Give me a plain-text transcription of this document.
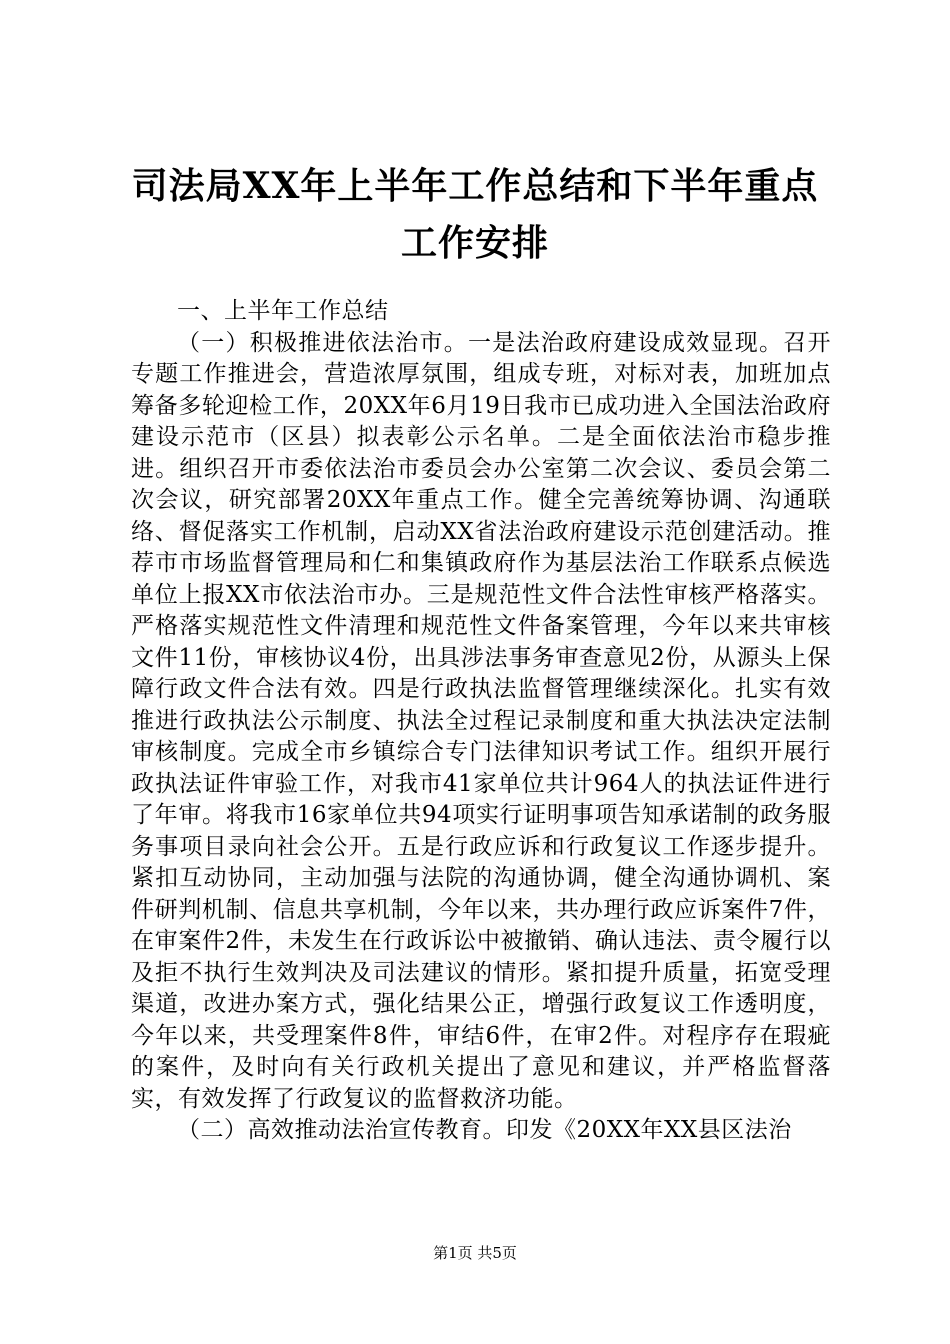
司法局XX年上半年工作总结和下半年重点工作安排

一、上半年工作总结

（一）积极推进依法治市。一是法治政府建设成效显现。召开专题工作推进会，营造浓厚氛围，组成专班，对标对表，加班加点筹备多轮迎检工作，20XX年6月19日我市已成功进入全国法治政府建设示范市（区县）拟表彰公示名单。二是全面依法治市稳步推进。组织召开市委依法治市委员会办公室第二次会议、委员会第二次会议，研究部署20XX年重点工作。健全完善统筹协调、沟通联络、督促落实工作机制，启动XX省法治政府建设示范创建活动。推荐市市场监督管理局和仁和集镇政府作为基层法治工作联系点候选单位上报XX市依法治市办。三是规范性文件合法性审核严格落实。严格落实规范性文件清理和规范性文件备案管理，今年以来共审核文件11份，审核协议4份，出具涉法事务审查意见2份，从源头上保障行政文件合法有效。四是行政执法监督管理继续深化。扎实有效推进行政执法公示制度、执法全过程记录制度和重大执法决定法制审核制度。完成全市乡镇综合专门法律知识考试工作。组织开展行政执法证件审验工作，对我市41家单位共计964人的执法证件进行了年审。将我市16家单位共94项实行证明事项告知承诺制的政务服务事项目录向社会公开。五是行政应诉和行政复议工作逐步提升。紧扣互动协同，主动加强与法院的沟通协调，健全沟通协调机、案件研判机制、信息共享机制，今年以来，共办理行政应诉案件7件，在审案件2件，未发生在行政诉讼中被撤销、确认违法、责令履行以及拒不执行生效判决及司法建议的情形。紧扣提升质量，拓宽受理渠道，改进办案方式，强化结果公正，增强行政复议工作透明度，今年以来，共受理案件8件，审结6件，在审2件。对程序存在瑕疵的案件，及时向有关行政机关提出了意见和建议，并严格监督落实，有效发挥了行政复议的监督救济功能。

（二）高效推动法治宣传教育。印发《20XX年XX县区法治

第1页 共5页
